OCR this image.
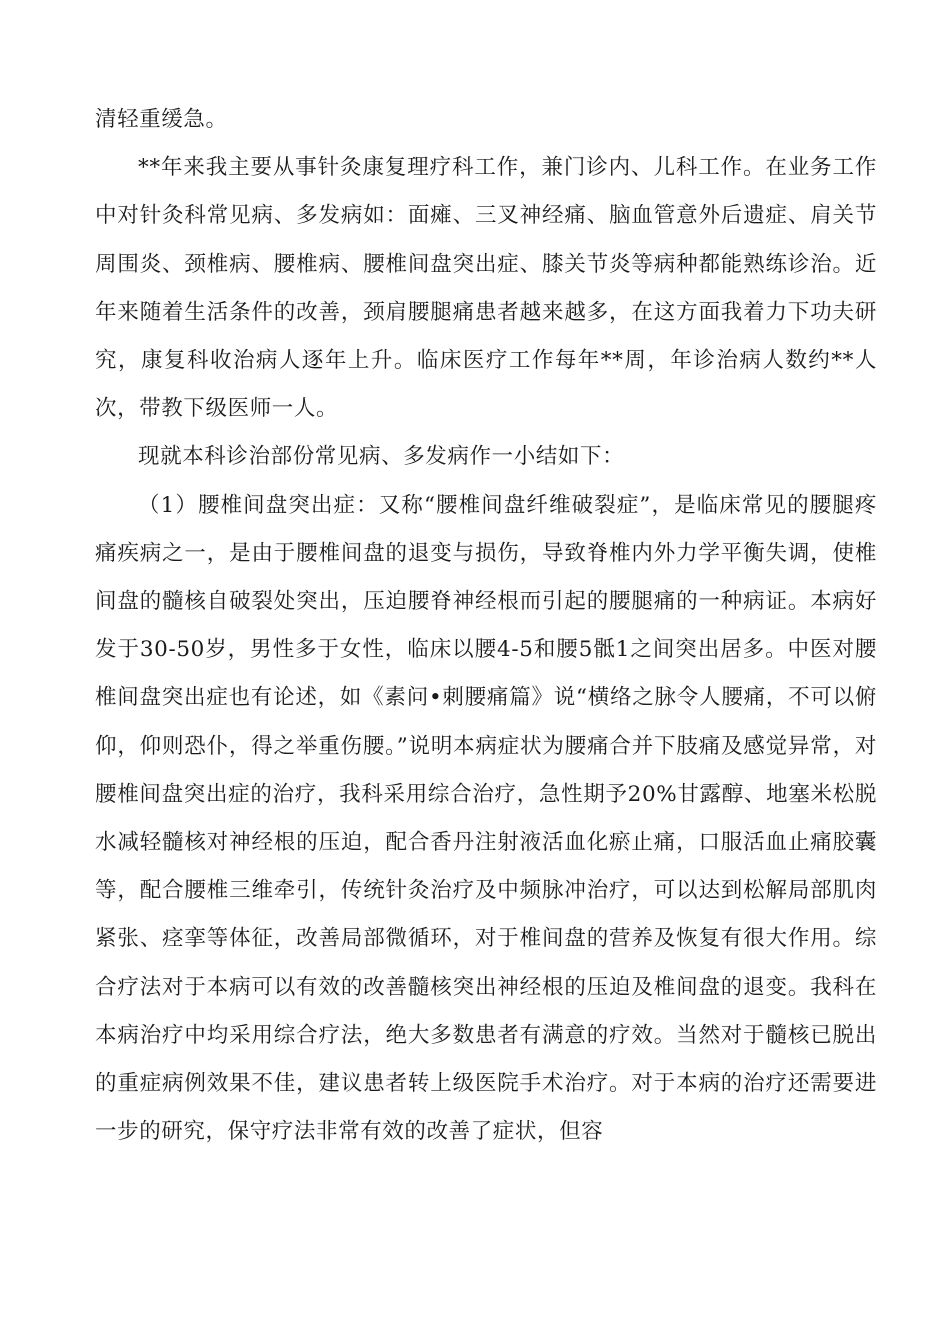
清轻重缓急。

**年来我主要从事针灸康复理疗科工作，兼门诊内、儿科工作。在业务工作中对针灸科常见病、多发病如：面瘫、三叉神经痛、脑血管意外后遗症、肩关节周围炎、颈椎病、腰椎病、腰椎间盘突出症、膝关节炎等病种都能熟练诊治。近年来随着生活条件的改善，颈肩腰腿痛患者越来越多，在这方面我着力下功夫研究，康复科收治病人逐年上升。临床医疗工作每年**周，年诊治病人数约**人次，带教下级医师一人。

现就本科诊治部份常见病、多发病作一小结如下：

（1）腰椎间盘突出症：又称“腰椎间盘纤维破裂症”，是临床常见的腰腿疼痛疾病之一，是由于腰椎间盘的退变与损伤，导致脊椎内外力学平衡失调，使椎间盘的髓核自破裂处突出，压迫腰脊神经根而引起的腰腿痛的一种病证。本病好发于30-50岁，男性多于女性，临床以腰4-5和腰5骶1之间突出居多。中医对腰椎间盘突出症也有论述，如《素问•刺腰痛篇》说“横络之脉令人腰痛，不可以俯仰，仰则恐仆，得之举重伤腰。”说明本病症状为腰痛合并下肢痛及感觉异常，对腰椎间盘突出症的治疗，我科采用综合治疗，急性期予20%甘露醇、地塞米松脱水减轻髓核对神经根的压迫，配合香丹注射液活血化瘀止痛，口服活血止痛胶囊等，配合腰椎三维牵引，传统针灸治疗及中频脉冲治疗，可以达到松解局部肌肉紧张、痉挛等体征，改善局部微循环，对于椎间盘的营养及恢复有很大作用。综合疗法对于本病可以有效的改善髓核突出神经根的压迫及椎间盘的退变。我科在本病治疗中均采用综合疗法，绝大多数患者有满意的疗效。当然对于髓核已脱出的重症病例效果不佳，建议患者转上级医院手术治疗。对于本病的治疗还需要进一步的研究，保守疗法非常有效的改善了症状，但容
